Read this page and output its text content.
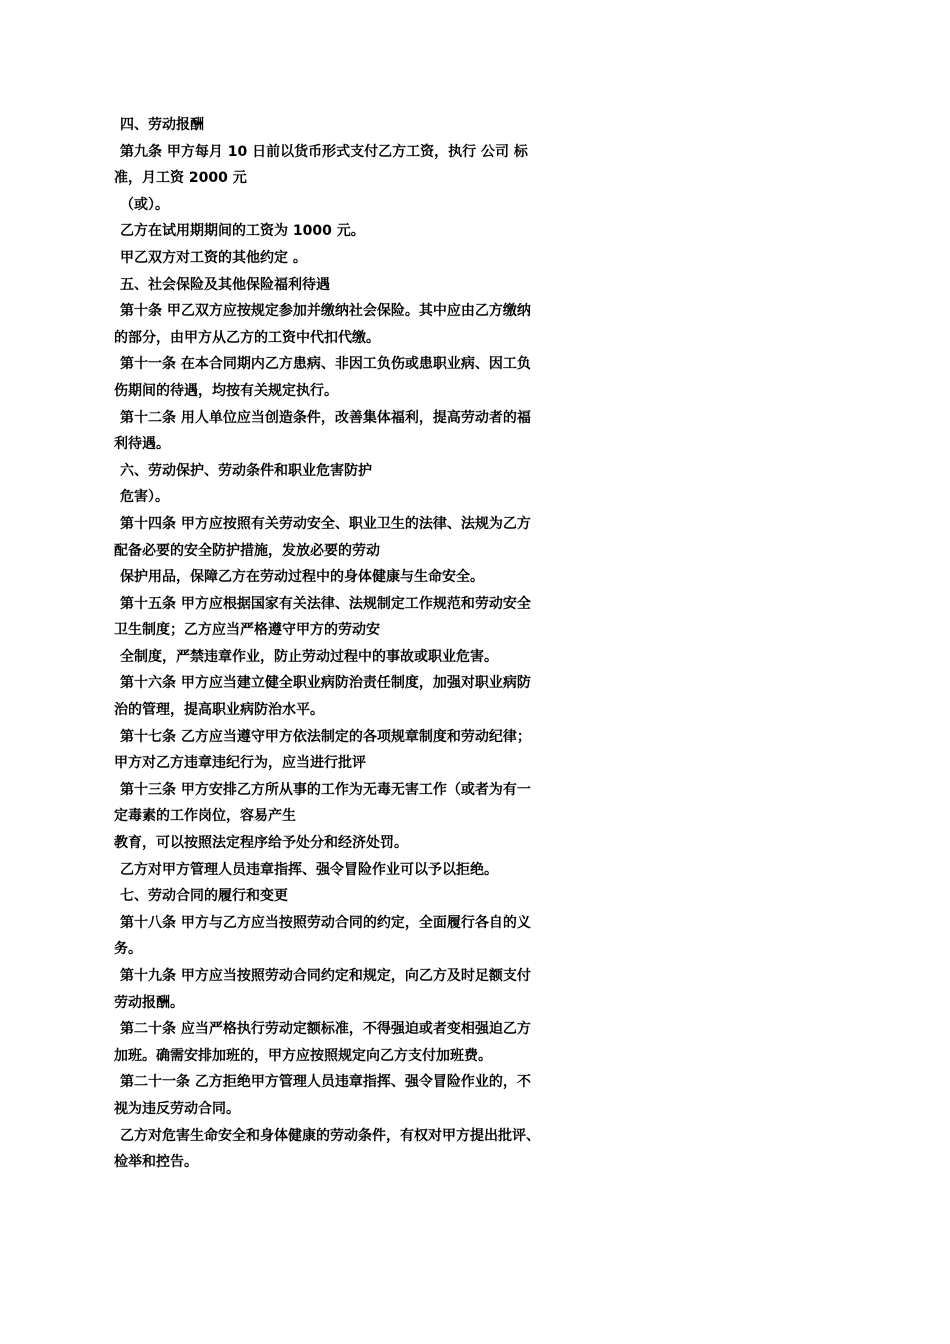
四、劳动报酬

第九条 甲方每月 10 日前以货币形式支付乙方工资，执行 公司 标

准，月工资 2000 元

（或）。

乙方在试用期期间的工资为 1000 元。

甲乙双方对工资的其他约定 。

五、社会保险及其他保险福利待遇

第十条 甲乙双方应按规定参加并缴纳社会保险。其中应由乙方缴纳

的部分，由甲方从乙方的工资中代扣代缴。

第十一条 在本合同期内乙方患病、非因工负伤或患职业病、因工负

伤期间的待遇，均按有关规定执行。

第十二条 用人单位应当创造条件，改善集体福利，提高劳动者的福

利待遇。

六、劳动保护、劳动条件和职业危害防护

危害）。

第十四条 甲方应按照有关劳动安全、职业卫生的法律、法规为乙方

配备必要的安全防护措施，发放必要的劳动

保护用品，保障乙方在劳动过程中的身体健康与生命安全。

第十五条 甲方应根据国家有关法律、法规制定工作规范和劳动安全

卫生制度；乙方应当严格遵守甲方的劳动安

全制度，严禁违章作业，防止劳动过程中的事故或职业危害。

第十六条 甲方应当建立健全职业病防治责任制度，加强对职业病防

治的管理，提高职业病防治水平。

第十七条 乙方应当遵守甲方依法制定的各项规章制度和劳动纪律；

甲方对乙方违章违纪行为，应当进行批评

第十三条 甲方安排乙方所从事的工作为无毒无害工作（或者为有一

定毒素的工作岗位，容易产生

教育，可以按照法定程序给予处分和经济处罚。

乙方对甲方管理人员违章指挥、强令冒险作业可以予以拒绝。

七、劳动合同的履行和变更

第十八条 甲方与乙方应当按照劳动合同的约定，全面履行各自的义

务。

第十九条 甲方应当按照劳动合同约定和规定，向乙方及时足额支付

劳动报酬。

第二十条 应当严格执行劳动定额标准，不得强迫或者变相强迫乙方

加班。确需安排加班的，甲方应按照规定向乙方支付加班费。

第二十一条 乙方拒绝甲方管理人员违章指挥、强令冒险作业的，不

视为违反劳动合同。

乙方对危害生命安全和身体健康的劳动条件，有权对甲方提出批评、

检举和控告。
